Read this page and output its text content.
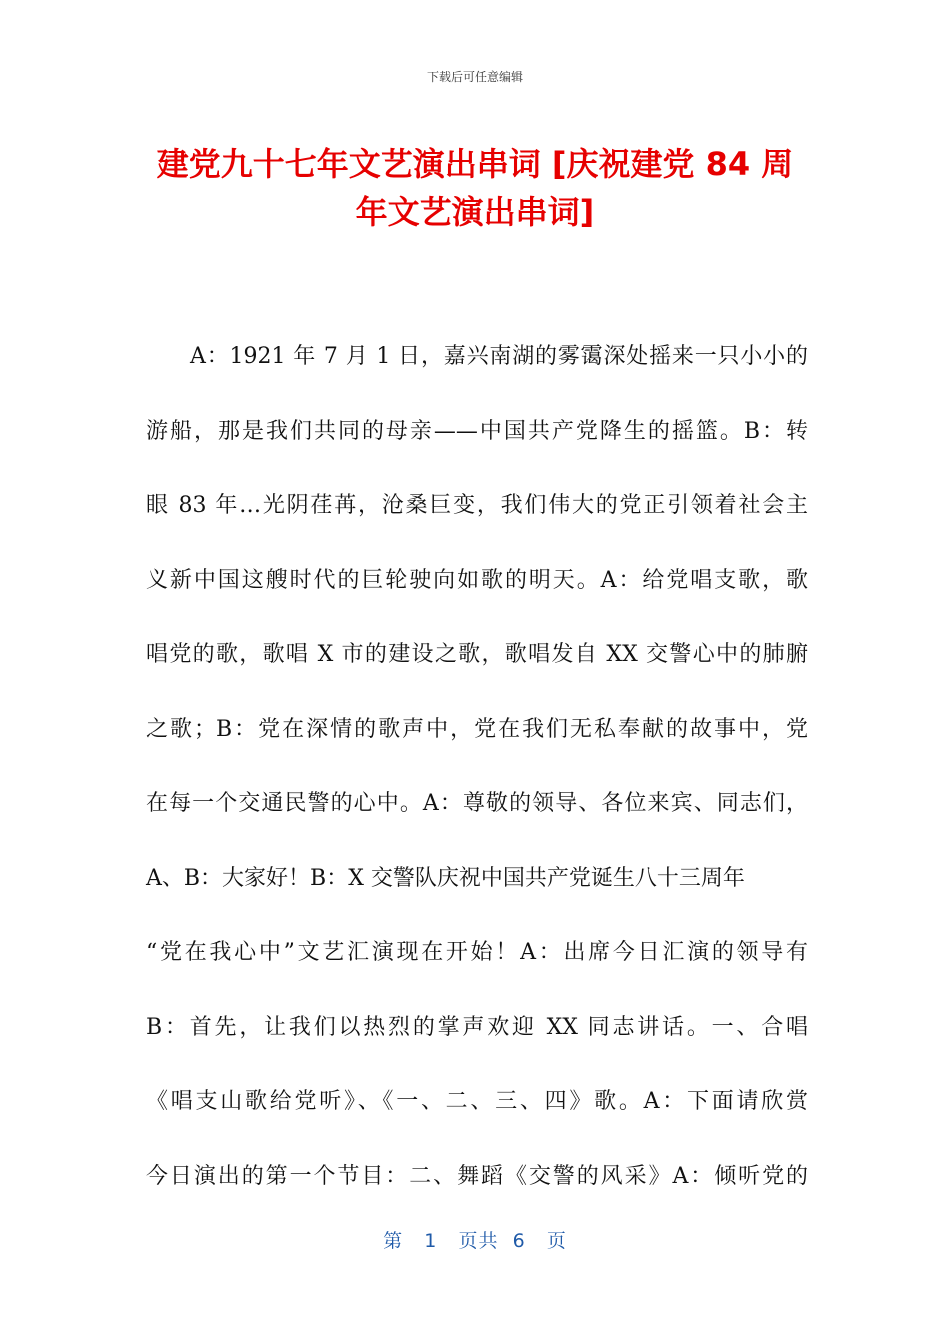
下载后可任意编辑
建党九十七年文艺演出串词 [庆祝建党 84 周
年文艺演出串词]
A：1921 年 7 月 1 日，嘉兴南湖的雾霭深处摇来一只小小的
游船，那是我们共同的母亲——中国共产党降生的摇篮。B：转
眼 83 年…光阴荏苒，沧桑巨变，我们伟大的党正引领着社会主
义新中国这艘时代的巨轮驶向如歌的明天。A：给党唱支歌，歌
唱党的歌，歌唱 X 市的建设之歌，歌唱发自 XX 交警心中的肺腑
之歌；B：党在深情的歌声中，党在我们无私奉献的故事中，党
在每一个交通民警的心中。A：尊敬的领导、各位来宾、同志们，
A、B：大家好！B：X 交警队庆祝中国共产党诞生八十三周年
“党在我心中”文艺汇演现在开始！A：出席今日汇演的领导有
B：首先，让我们以热烈的掌声欢迎 XX 同志讲话。一、合唱
《唱支山歌给党听》、《一、二、三、四》歌。A：下面请欣赏
今日演出的第一个节目：二、舞蹈《交警的风采》A：倾听党的
第 1 页共 6 页
